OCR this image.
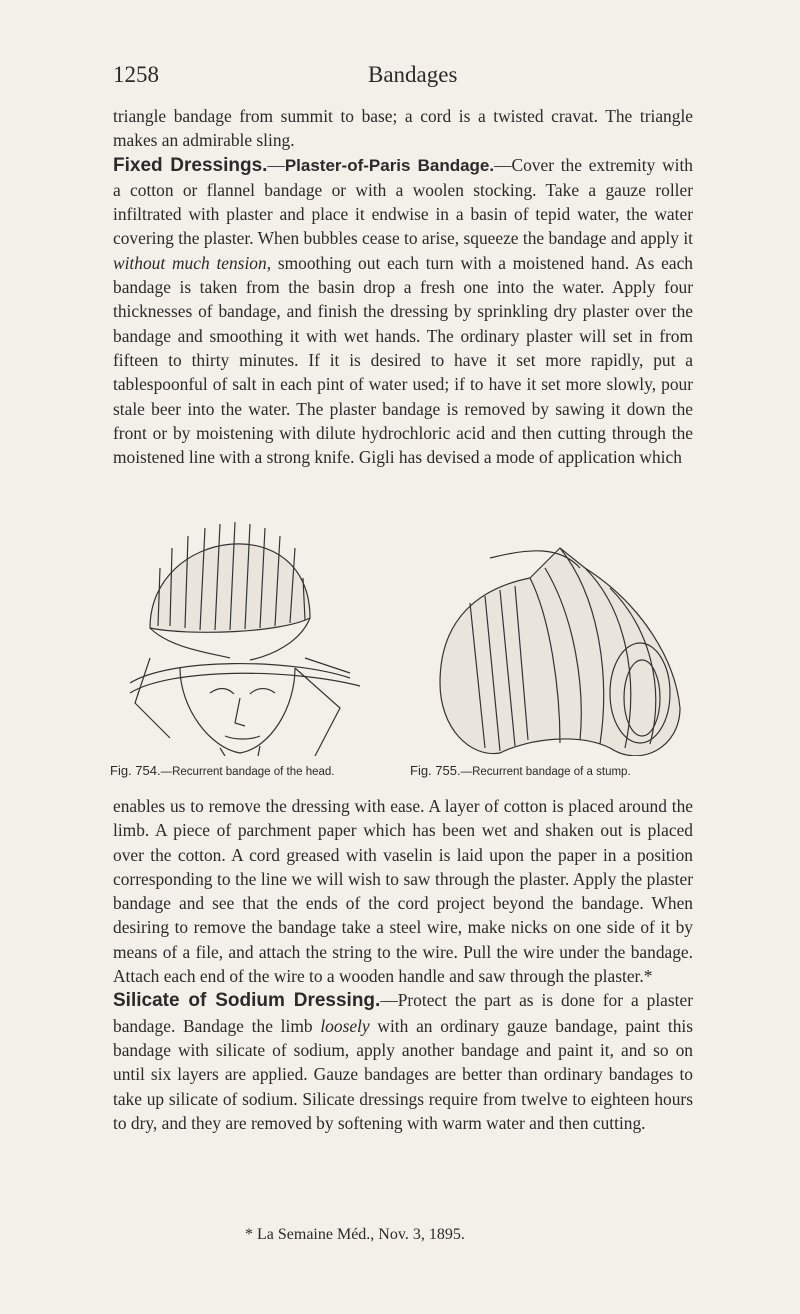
1258	Bandages

triangle bandage from summit to base; a cord is a twisted cravat. The triangle makes an admirable sling.

Fixed Dressings.—Plaster-of-Paris Bandage.—Cover the extremity with a cotton or flannel bandage or with a woolen stocking. Take a gauze roller infiltrated with plaster and place it endwise in a basin of tepid water, the water covering the plaster. When bubbles cease to arise, squeeze the bandage and apply it without much tension, smoothing out each turn with a moistened hand. As each bandage is taken from the basin drop a fresh one into the water. Apply four thicknesses of bandage, and finish the dressing by sprinkling dry plaster over the bandage and smoothing it with wet hands. The ordinary plaster will set in from fifteen to thirty minutes. If it is desired to have it set more rapidly, put a tablespoonful of salt in each pint of water used; if to have it set more slowly, pour stale beer into the water. The plaster bandage is removed by sawing it down the front or by moistening with dilute hydrochloric acid and then cutting through the moistened line with a strong knife. Gigli has devised a mode of application which

Fig. 754.—Recurrent bandage of the head.	Fig. 755.—Recurrent bandage of a stump.

enables us to remove the dressing with ease. A layer of cotton is placed around the limb. A piece of parchment paper which has been wet and shaken out is placed over the cotton. A cord greased with vaselin is laid upon the paper in a position corresponding to the line we will wish to saw through the plaster. Apply the plaster bandage and see that the ends of the cord project beyond the bandage. When desiring to remove the bandage take a steel wire, make nicks on one side of it by means of a file, and attach the string to the wire. Pull the wire under the bandage. Attach each end of the wire to a wooden handle and saw through the plaster.*

Silicate of Sodium Dressing.—Protect the part as is done for a plaster bandage. Bandage the limb loosely with an ordinary gauze bandage, paint this bandage with silicate of sodium, apply another bandage and paint it, and so on until six layers are applied. Gauze bandages are better than ordinary bandages to take up silicate of sodium. Silicate dressings require from twelve to eighteen hours to dry, and they are removed by softening with warm water and then cutting.

* La Semaine Méd., Nov. 3, 1895.
